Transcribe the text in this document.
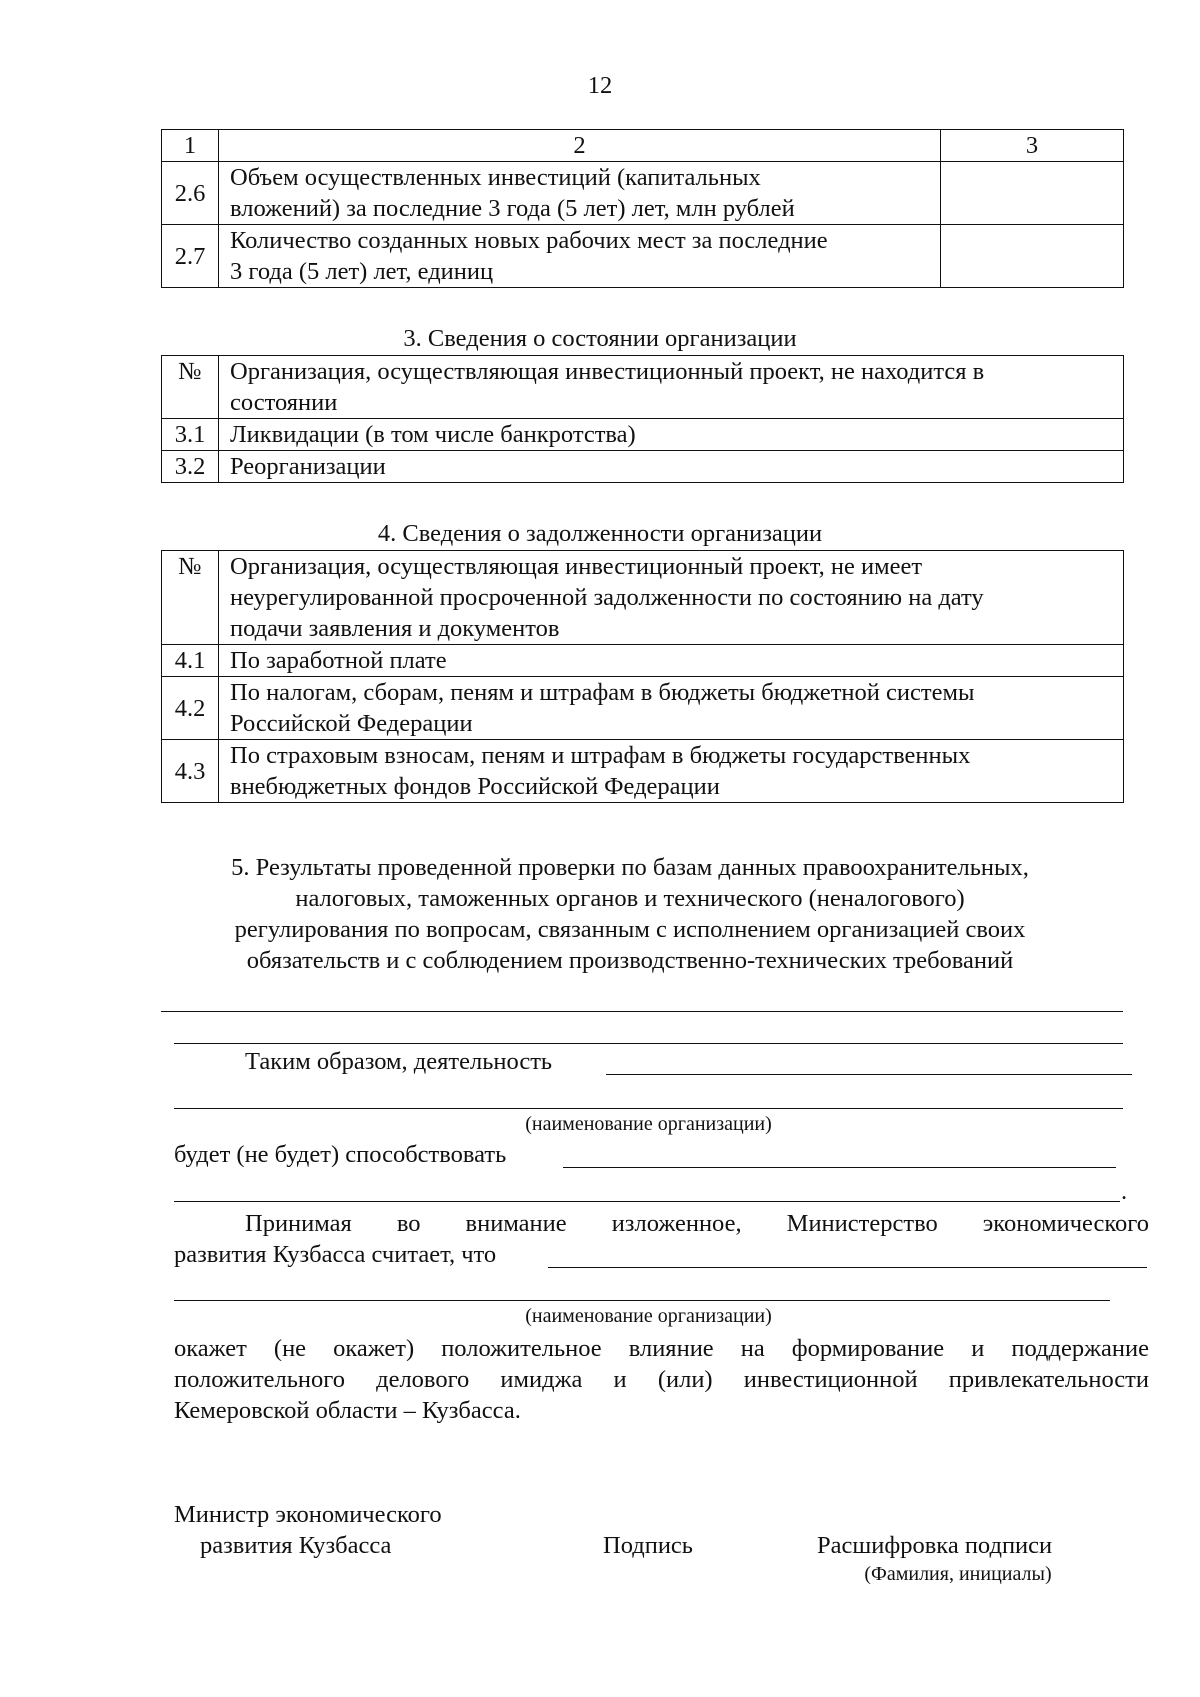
12
1	2	3
2.6	Объем осуществленных инвестиций (капитальных
вложений) за последние 3 года (5 лет) лет, млн рублей	

2.7	Количество созданных новых рабочих мест за последние
3 года (5 лет) лет, единиц	

3. Сведения о состоянии организации
№	Организация, осуществляющая инвестиционный проект, не находится в
состоянии

3.1	Ликвидации (в том числе банкротства)
3.2	Реорганизации
4. Сведения о задолженности организации
№	Организация, осуществляющая инвестиционный проект, не имеет
неурегулированной просроченной задолженности по состоянию на дату
подачи заявления и документов

4.1	По заработной плате
4.2	По налогам, сборам, пеням и штрафам в бюджеты бюджетной системы
Российской Федерации

4.3	По страховым взносам, пеням и штрафам в бюджеты государственных
внебюджетных фондов Российской Федерации
5. Результаты проведенной проверки по базам данных правоохранительных,
налоговых, таможенных органов и технического (неналогового)
регулирования по вопросам, связанным с исполнением организацией своих
обязательств и с соблюдением производственно-технических требований
Таким образом, деятельность
(наименование организации)
будет (не будет) способствовать
.
Принимая во внимание изложенное, Министерство экономического
развития Кузбасса считает, что
(наименование организации)
окажет (не окажет) положительное влияние на формирование и поддержание
положительного делового имиджа и (или) инвестиционной привлекательности
Кемеровской области – Кузбасса.
Министр экономического
развития Кузбасса	Подпись	Расшифровка подписи
(Фамилия, инициалы)
